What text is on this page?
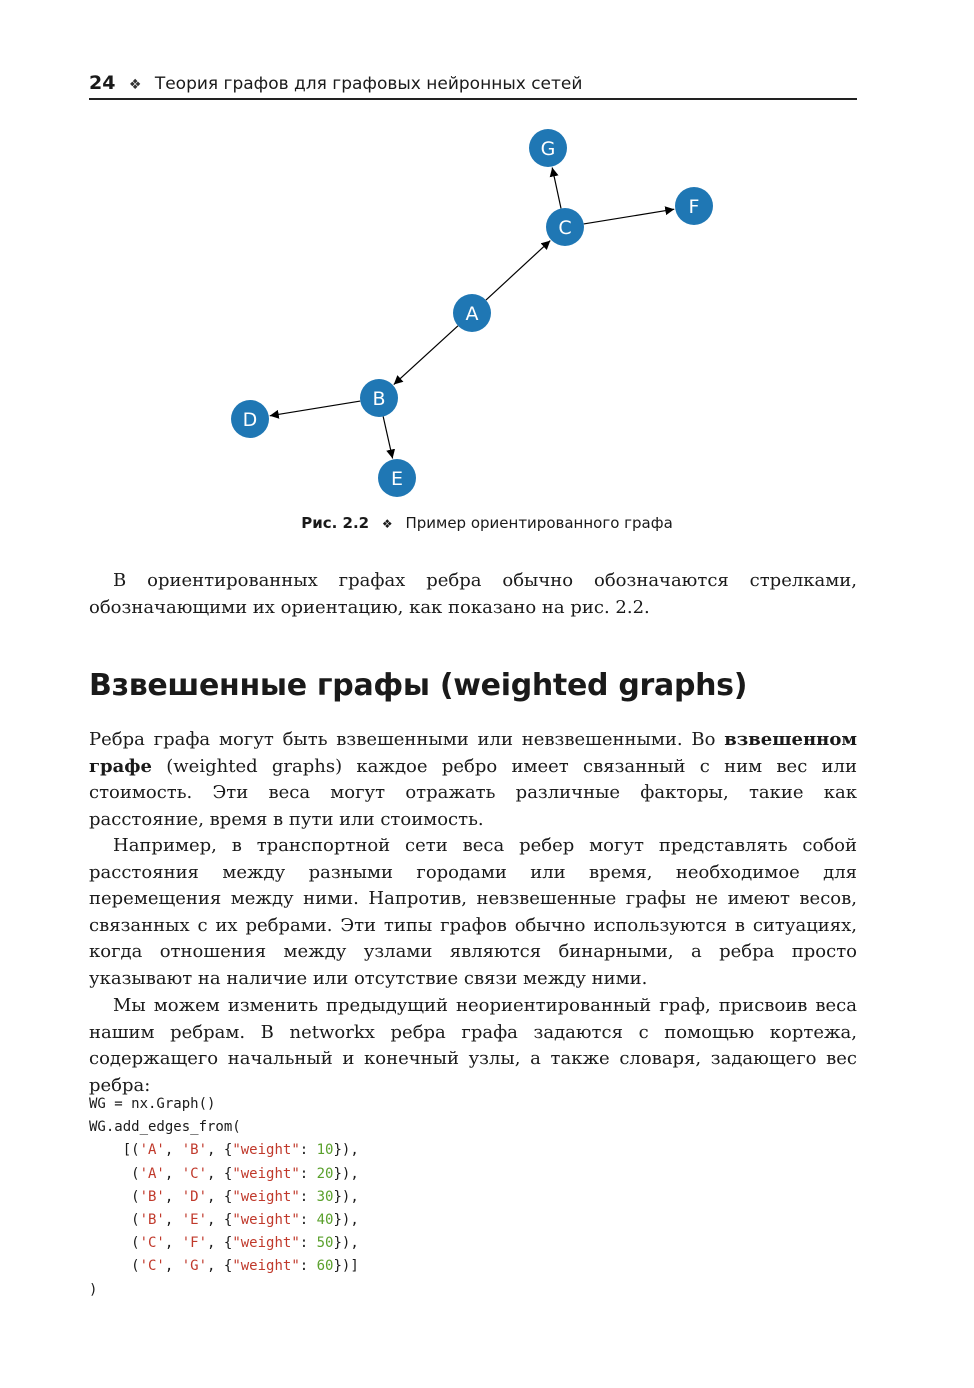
24 ❖ Теория графов для графовых нейронных сетей
A
B
C
D
E
F
G
Рис. 2.2 ❖ Пример ориентированного графа

В ориентированных графах ребра обычно обозначаются стрелками, обозначающими их ориентацию, как показано на рис. 2.2.

Взвешенные графы (weighted graphs)

Ребра графа могут быть взвешенными или невзвешенными. Во взвешенном графе (weighted graphs) каждое ребро имеет связанный с ним вес или стоимость. Эти веса могут отражать различные факторы, такие как расстояние, время в пути или стоимость.

Например, в транспортной сети веса ребер могут представлять собой расстояния между разными городами или время, необходимое для перемещения между ними. Напротив, невзвешенные графы не имеют весов, связанных с их ребрами. Эти типы графов обычно используются в ситуациях, когда отношения между узлами являются бинарными, а ребра просто указывают на наличие или отсутствие связи между ними.

Мы можем изменить предыдущий неориентированный граф, присвоив веса нашим ребрам. В networkx ребра графа задаются с помощью кортежа, содержащего начальный и конечный узлы, а также словаря, задающего вес ребра:

WG = nx.Graph()
WG.add_edges_from(
[('A', 'B', {"weight": 10}),
('A', 'C', {"weight": 20}),
('B', 'D', {"weight": 30}),
('B', 'E', {"weight": 40}),
('C', 'F', {"weight": 50}),
('C', 'G', {"weight": 60})]
)
